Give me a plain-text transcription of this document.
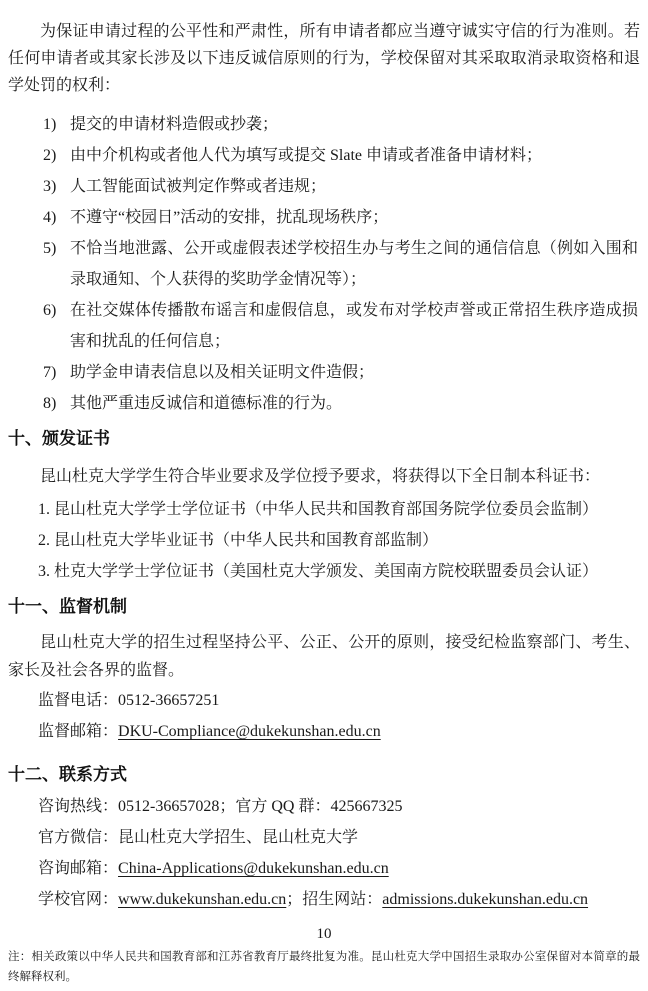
为保证申请过程的公平性和严肃性，所有申请者都应当遵守诚实守信的行为准则。若任何申请者或其家长涉及以下违反诚信原则的行为，学校保留对其采取取消录取资格和退学处罚的权利：

1) 提交的申请材料造假或抄袭；
2) 由中介机构或者他人代为填写或提交 Slate 申请或者准备申请材料；
3) 人工智能面试被判定作弊或者违规；
4) 不遵守“校园日”活动的安排，扰乱现场秩序；
5) 不恰当地泄露、公开或虚假表述学校招生办与考生之间的通信信息（例如入围和录取通知、个人获得的奖助学金情况等）；
6) 在社交媒体传播散布谣言和虚假信息，或发布对学校声誉或正常招生秩序造成损害和扰乱的任何信息；
7) 助学金申请表信息以及相关证明文件造假；
8) 其他严重违反诚信和道德标准的行为。
十、颁发证书

昆山杜克大学学生符合毕业要求及学位授予要求，将获得以下全日制本科证书：

1. 昆山杜克大学学士学位证书（中华人民共和国教育部国务院学位委员会监制）
2. 昆山杜克大学毕业证书（中华人民共和国教育部监制）
3. 杜克大学学士学位证书（美国杜克大学颁发、美国南方院校联盟委员会认证）
十一、监督机制

昆山杜克大学的招生过程坚持公平、公正、公开的原则，接受纪检监察部门、考生、家长及社会各界的监督。

监督电话：0512-36657251
监督邮箱：DKU-Compliance@dukekunshan.edu.cn
十二、联系方式
咨询热线：0512-36657028；官方 QQ 群：425667325
官方微信：昆山杜克大学招生、昆山杜克大学
咨询邮箱：China-Applications@dukekunshan.edu.cn
学校官网：www.dukekunshan.edu.cn；招生网站：admissions.dukekunshan.edu.cn
10
注：相关政策以中华人民共和国教育部和江苏省教育厅最终批复为准。昆山杜克大学中国招生录取办公室保留对本简章的最终解释权利。
